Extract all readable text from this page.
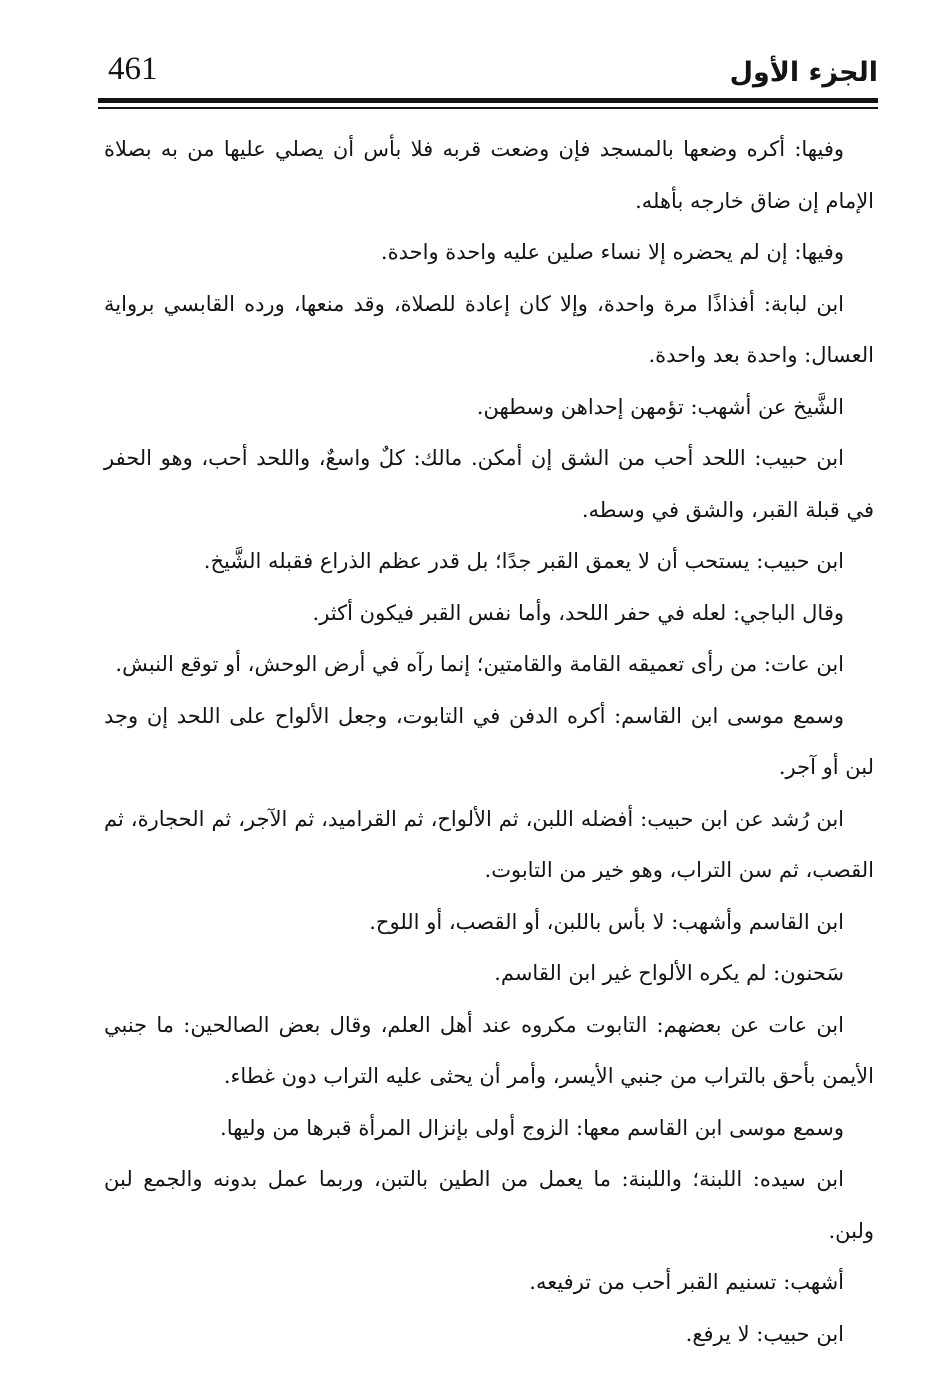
461	الجزء الأول

وفيها: أكره وضعها بالمسجد فإن وضعت قربه فلا بأس أن يصلي عليها من به بصلاة الإمام إن ضاق خارجه بأهله.

وفيها: إن لم يحضره إلا نساء صلين عليه واحدة واحدة.

ابن لبابة: أفذاذًا مرة واحدة، وإلا كان إعادة للصلاة، وقد منعها، ورده القابسي برواية العسال: واحدة بعد واحدة.

الشَّيخ عن أشهب: تؤمهن إحداهن وسطهن.

ابن حبيب: اللحد أحب من الشق إن أمكن. مالك: كلٌ واسعٌ، واللحد أحب، وهو الحفر في قبلة القبر، والشق في وسطه.

ابن حبيب: يستحب أن لا يعمق القبر جدًا؛ بل قدر عظم الذراع فقبله الشَّيخ.

وقال الباجي: لعله في حفر اللحد، وأما نفس القبر فيكون أكثر.

ابن عات: من رأى تعميقه القامة والقامتين؛ إنما رآه في أرض الوحش، أو توقع النبش.

وسمع موسى ابن القاسم: أكره الدفن في التابوت، وجعل الألواح على اللحد إن وجد لبن أو آجر.

ابن رُشد عن ابن حبيب: أفضله اللبن، ثم الألواح، ثم القراميد، ثم الآجر، ثم الحجارة، ثم القصب، ثم سن التراب، وهو خير من التابوت.

ابن القاسم وأشهب: لا بأس باللبن، أو القصب، أو اللوح.

سَحنون: لم يكره الألواح غير ابن القاسم.

ابن عات عن بعضهم: التابوت مكروه عند أهل العلم، وقال بعض الصالحين: ما جنبي الأيمن بأحق بالتراب من جنبي الأيسر، وأمر أن يحثى عليه التراب دون غطاء.

وسمع موسى ابن القاسم معها: الزوج أولى بإنزال المرأة قبرها من وليها.

ابن سيده: اللبنة؛ واللبنة: ما يعمل من الطين بالتبن، وربما عمل بدونه والجمع لبن ولبن.

أشهب: تسنيم القبر أحب من ترفيعه.

ابن حبيب: لا يرفع.
